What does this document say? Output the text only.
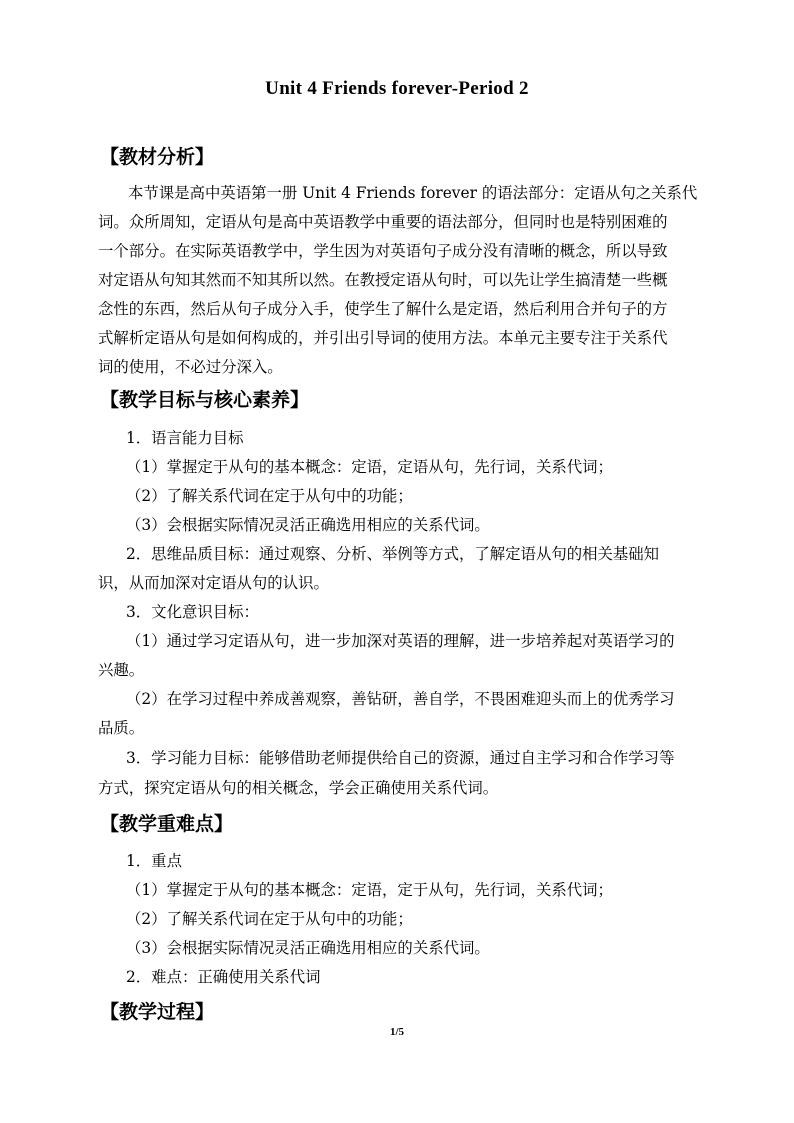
Unit 4 Friends forever-Period 2
【教材分析】
本节课是高中英语第一册 Unit 4 Friends forever 的语法部分：定语从句之关系代
词。众所周知，定语从句是高中英语教学中重要的语法部分，但同时也是特别困难的
一个部分。在实际英语教学中，学生因为对英语句子成分没有清晰的概念，所以导致
对定语从句知其然而不知其所以然。在教授定语从句时，可以先让学生搞清楚一些概
念性的东西，然后从句子成分入手，使学生了解什么是定语，然后利用合并句子的方
式解析定语从句是如何构成的，并引出引导词的使用方法。本单元主要专注于关系代
词的使用，不必过分深入。
【教学目标与核心素养】
1．语言能力目标
（1）掌握定于从句的基本概念：定语，定语从句，先行词，关系代词；
（2）了解关系代词在定于从句中的功能；
（3）会根据实际情况灵活正确选用相应的关系代词。
2．思维品质目标：通过观察、分析、举例等方式，了解定语从句的相关基础知
识，从而加深对定语从句的认识。
3．文化意识目标：
（1）通过学习定语从句，进一步加深对英语的理解，进一步培养起对英语学习的
兴趣。
（2）在学习过程中养成善观察，善钻研，善自学，不畏困难迎头而上的优秀学习
品质。
3．学习能力目标：能够借助老师提供给自己的资源，通过自主学习和合作学习等
方式，探究定语从句的相关概念，学会正确使用关系代词。
【教学重难点】
1．重点
（1）掌握定于从句的基本概念：定语，定于从句，先行词，关系代词；
（2）了解关系代词在定于从句中的功能；
（3）会根据实际情况灵活正确选用相应的关系代词。
2．难点：正确使用关系代词
【教学过程】
1/5
